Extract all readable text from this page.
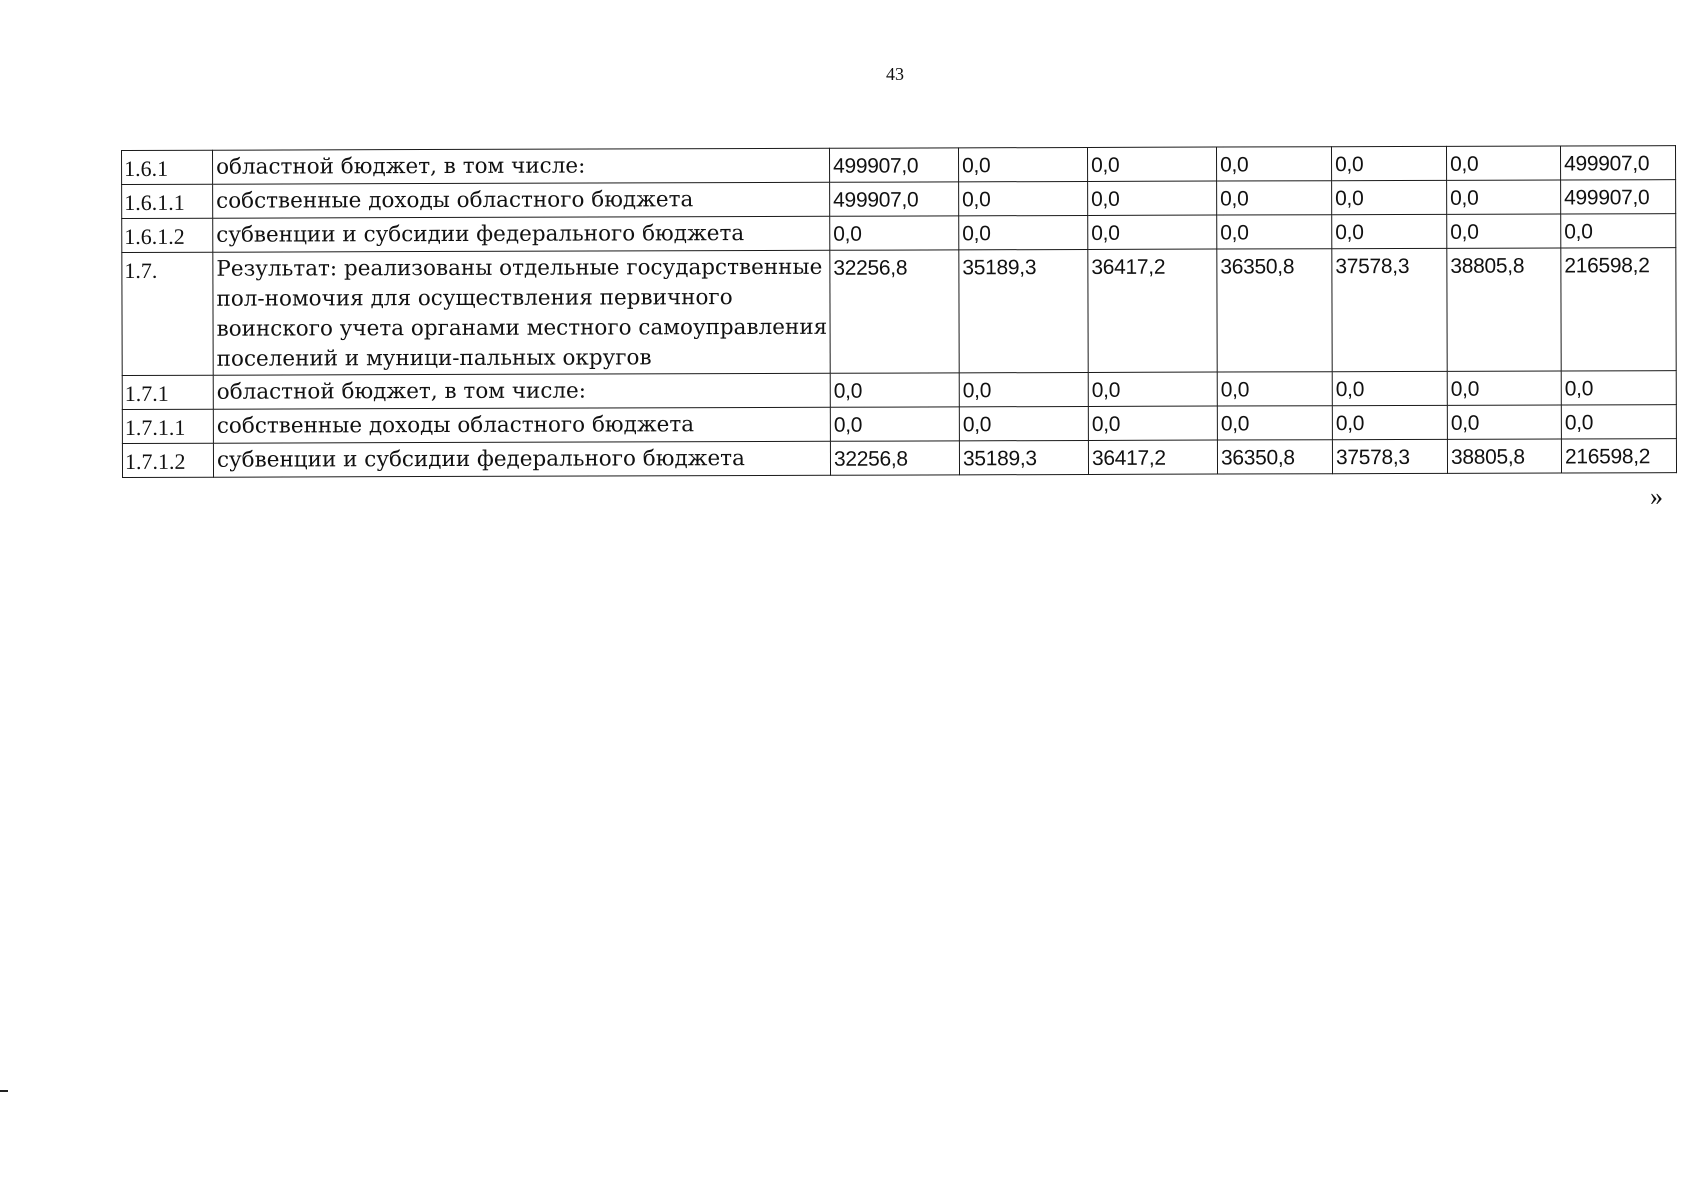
43
1.6.1	областной бюджет, в том числе:	499907,0	0,0	0,0	0,0	0,0	0,0	499907,0
1.6.1.1	собственные доходы областного бюджета	499907,0	0,0	0,0	0,0	0,0	0,0	499907,0
1.6.1.2	субвенции и субсидии федерального бюджета	0,0	0,0	0,0	0,0	0,0	0,0	0,0
1.7.	Результат: реализованы отдельные государственные пол-номочия для осуществления первичного воинского учета органами местного самоуправления поселений и муници-пальных округов	32256,8	35189,3	36417,2	36350,8	37578,3	38805,8	216598,2
1.7.1	областной бюджет, в том числе:	0,0	0,0	0,0	0,0	0,0	0,0	0,0
1.7.1.1	собственные доходы областного бюджета	0,0	0,0	0,0	0,0	0,0	0,0	0,0
1.7.1.2	субвенции и субсидии федерального бюджета	32256,8	35189,3	36417,2	36350,8	37578,3	38805,8	216598,2
»
